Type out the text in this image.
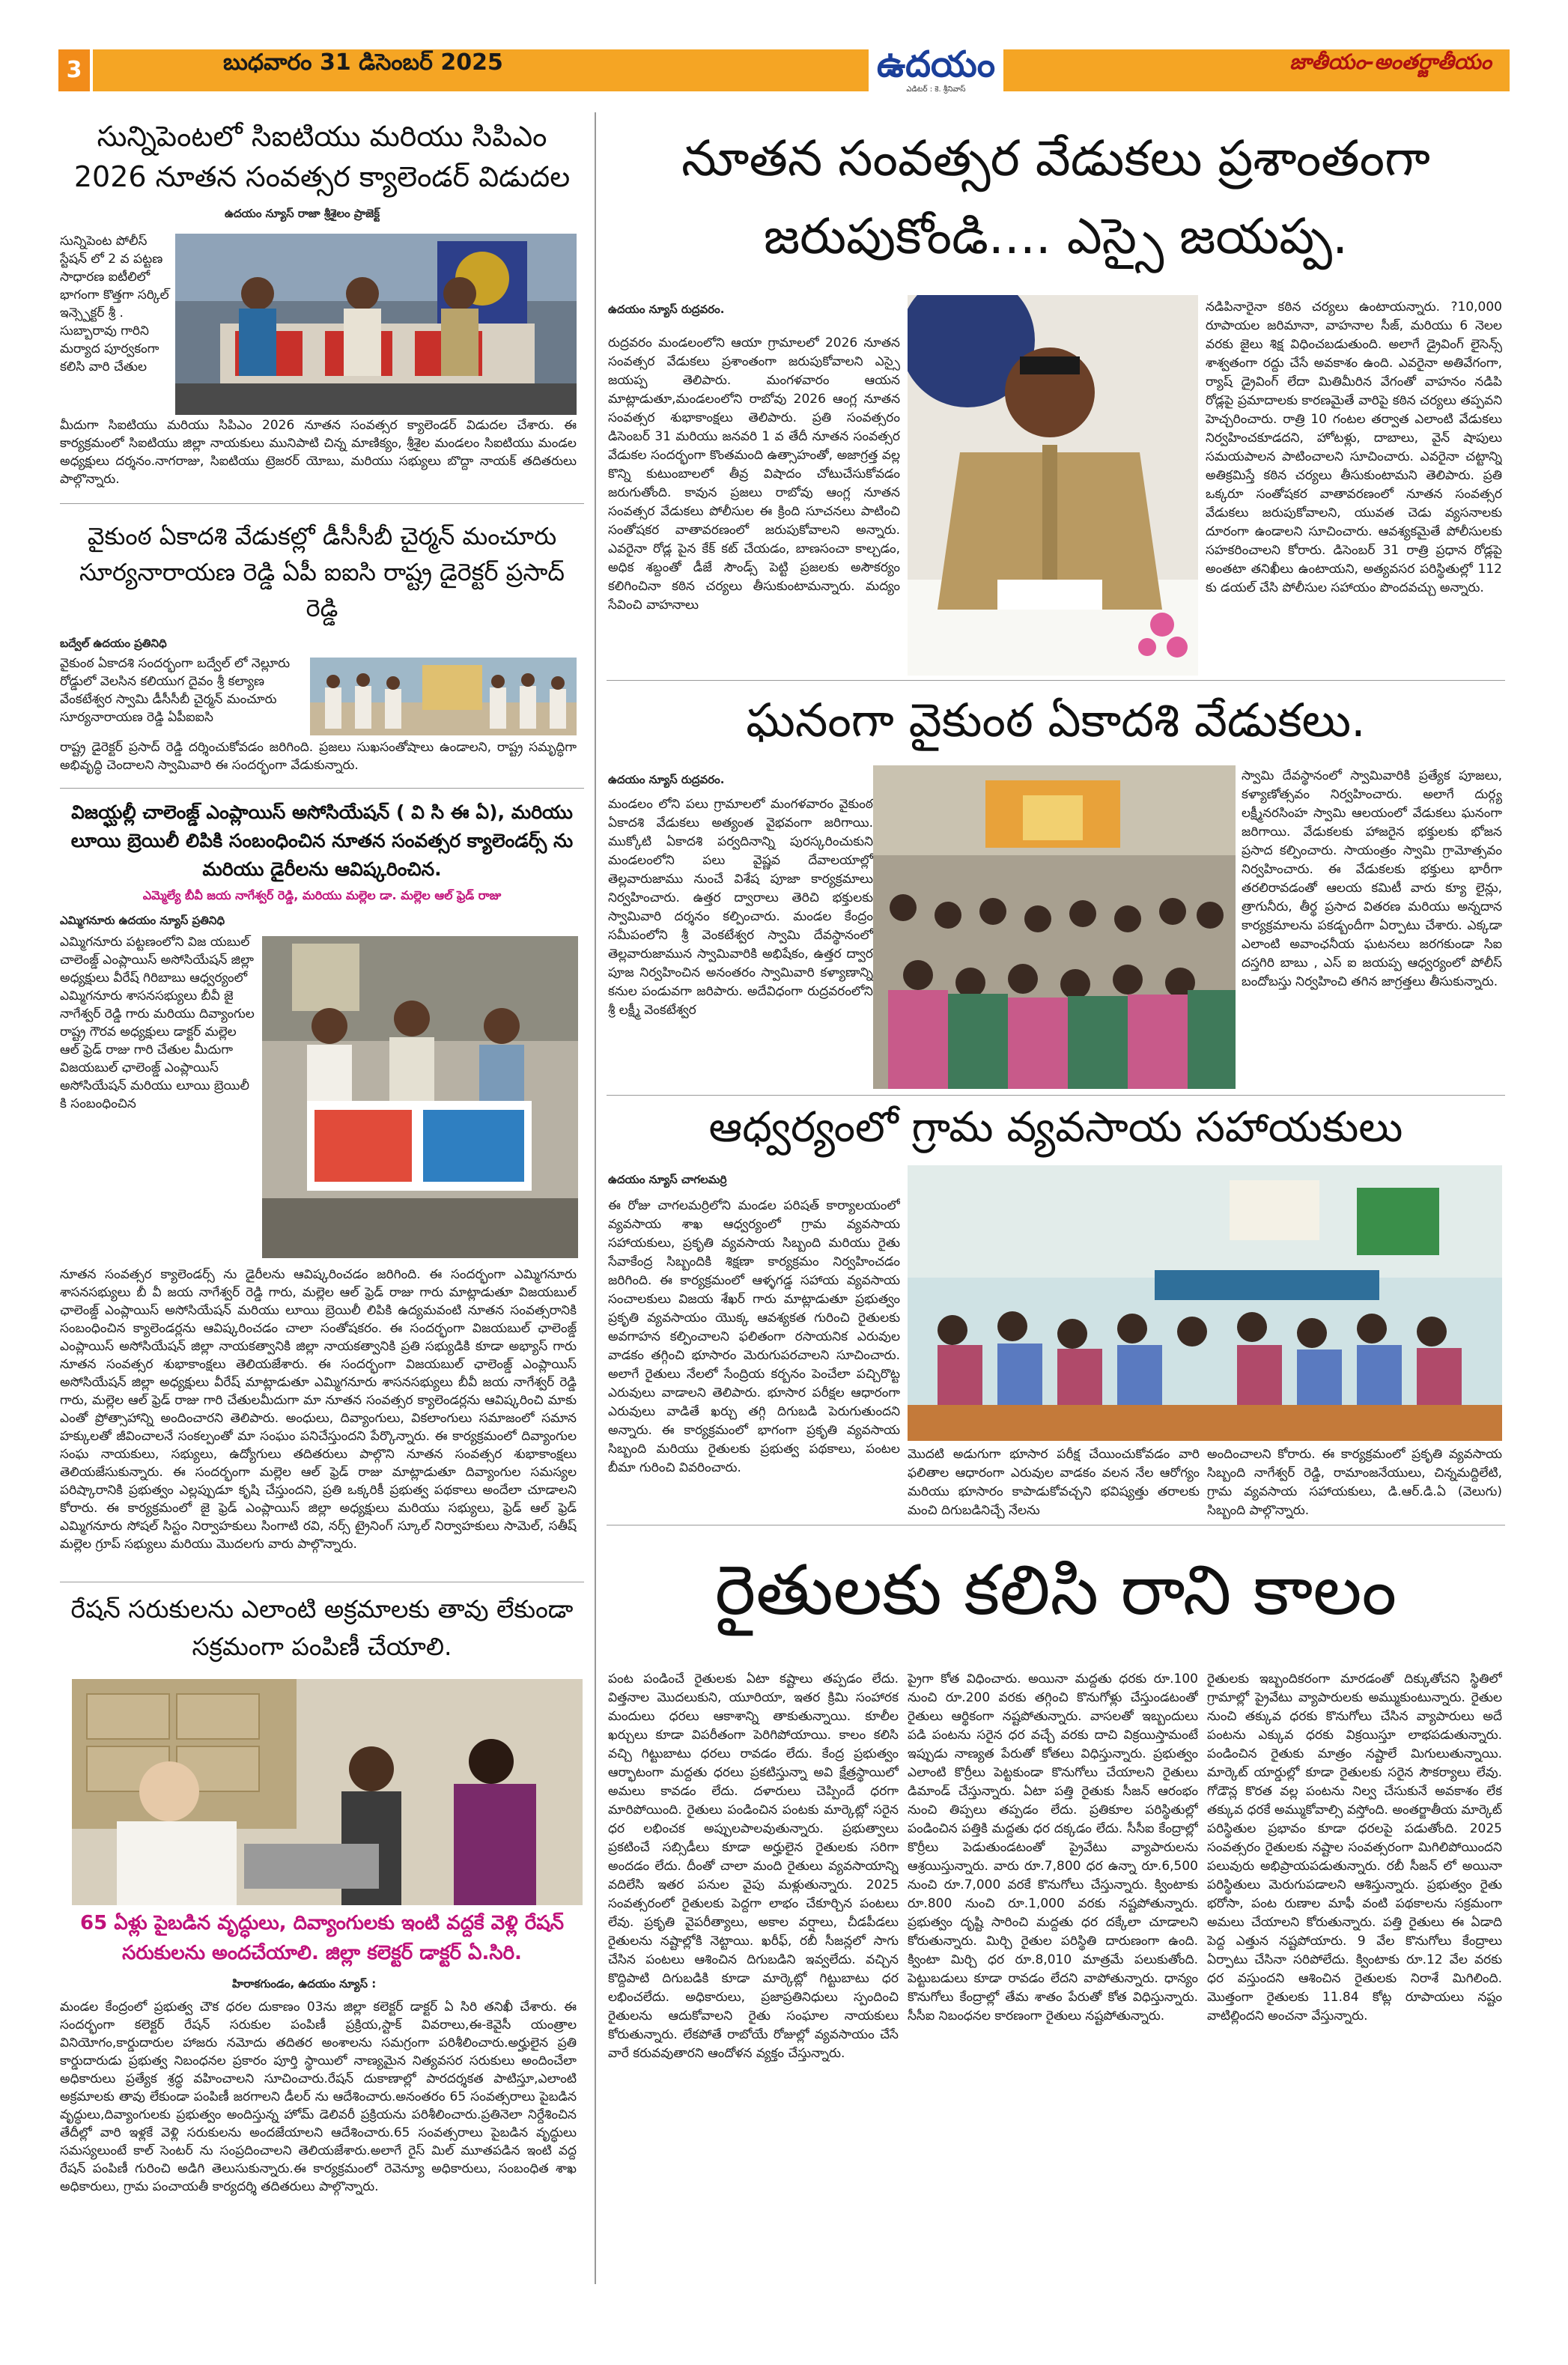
3	బుధవారం 31 డిసెంబర్ 2025	ఉదయం
ఎడిటర్ : కె. శ్రీనివాస్
జాతీయం-అంతర్జాతీయం
సున్నిపెంటలో సిఐటియు మరియు సిపిఎం 2026 నూతన సంవత్సర క్యాలెండర్ విడుదల
ఉదయం న్యూస్ రాజా శ్రీశైలం ప్రాజెక్ట్
సున్నిపెంట పోలీస్ స్టేషన్ లో 2 వ పట్టణ సాధారణ ఐటీలిలో భాగంగా కొత్తగా సర్కిల్ ఇన్స్పెక్టర్ శ్రీ . సుబ్బారావు గారిని మర్యాద పూర్వకంగా కలిసి వారి చేతుల
మీదుగా సిఐటియు మరియు సిపిఎం 2026 నూతన సంవత్సర క్యాలెండర్ విడుదల చేశారు. ఈ కార్యక్రమంలో సిఐటియు జిల్లా నాయకులు మునిపాటి చిన్న మాణిక్యం, శ్రీశైల మండలం సిఐటియు మండల అధ్యక్షులు దర్శనం.నాగరాజు, సిఐటియు ట్రెజరర్ యోబు, మరియు సభ్యులు బొద్దా నాయక్ తదితరులు పాల్గొన్నారు.
వైకుంఠ ఏకాదశి వేడుకల్లో డీసీసీబీ చైర్మన్ మంచూరు సూర్యనారాయణ రెడ్డి ఏపీ ఐఐసి రాష్ట్ర డైరెక్టర్ ప్రసాద్ రెడ్డి
బద్వేల్ ఉదయం ప్రతినిధి
వైకుంఠ ఏకాదశి సందర్భంగా బద్వేల్ లో నెల్లూరు రోడ్డులో వెలసిన కలియుగ దైవం శ్రీ కల్యాణ వేంకటేశ్వర స్వామి డీసీసీబీ చైర్మన్ మంచూరు సూర్యనారాయణ రెడ్డి ఏపీఐఐసి
రాష్ట్ర డైరెక్టర్ ప్రసాద్ రెడ్డి దర్శించుకోవడం జరిగింది. ప్రజలు సుఖసంతోషాలు ఉండాలని, రాష్ట్ర సమృద్ధిగా అభివృద్ధి చెందాలని స్వామివారి ఈ సందర్భంగా వేడుకున్నారు.
విజయ్ఘల్లీ చాలెంజ్డ్ ఎంప్లాయిస్ అసోసియేషన్ ( వి సి ఈ ఏ), మరియు లూయి బ్రెయిలీ లిపికి సంబంధించిన నూతన సంవత్సర క్యాలెండర్స్ ను మరియు డైరీలను ఆవిష్కరించిన.
ఎమ్మెల్యే బీవీ జయ నాగేశ్వర్ రెడ్డి, మరియు మల్లెల డా. మల్లెల ఆల్ ఫ్రెడ్ రాజు
ఎమ్మిగనూరు ఉదయం న్యూస్ ప్రతినిధి
ఎమ్మిగనూరు పట్టణంలోని విజ యబుల్ చాలెంజ్డ్ ఎంప్లాయిస్ అసోసియేషన్ జిల్లా అధ్యక్షులు వీరేష్ గిరిబాబు ఆధ్వర్యంలో ఎమ్మిగనూరు శాసనసభ్యులు బీవీ జై నాగేశ్వర్ రెడ్డి గారు మరియు దివ్యాంగుల రాష్ట్ర గౌరవ అధ్యక్షులు డాక్టర్ మల్లెల ఆల్ ఫ్రెడ్ రాజు గారి చేతుల మీదుగా విజయబుల్ ఛాలెంజ్డ్ ఎంప్లాయిస్ అసోసియేషన్ మరియు లూయి బ్రెయిలీ కి సంబంధించిన
నూతన సంవత్సర క్యాలెండర్స్ ను డైరీలను ఆవిష్కరించడం జరిగింది. ఈ సందర్భంగా ఎమ్మిగనూరు శాసనసభ్యులు బీ వీ జయ నాగేశ్వర్ రెడ్డి గారు, మల్లెల ఆల్ ఫ్రెడ్ రాజు గారు మాట్లాడుతూ విజయబుల్ ఛాలెంజ్డ్ ఎంప్లాయిస్ అసోసియేషన్ మరియు లూయి బ్రెయిలీ లిపికి ఉద్యమవంటి నూతన సంవత్సరానికి సంబంధించిన క్యాలెండర్లను ఆవిష్కరించడం చాలా సంతోషకరం. ఈ సందర్భంగా విజయబుల్ ఛాలెంజ్డ్ ఎంప్లాయిస్ అసోసియేషన్ జిల్లా నాయకత్వానికి జిల్లా నాయకత్వానికి ప్రతి సభ్యుడికి కూడా అభ్యాస్ గారు నూతన సంవత్సర శుభాకాంక్షలు తెలియజేశారు. ఈ సందర్భంగా విజయబుల్ ఛాలెంజ్డ్ ఎంప్లాయిస్ అసోసియేషన్ జిల్లా అధ్యక్షులు వీరేష్ మాట్లాడుతూ ఎమ్మిగనూరు శాసనసభ్యులు బీవీ జయ నాగేశ్వర్ రెడ్డి గారు, మల్లెల ఆల్ ఫ్రెడ్ రాజు గారి చేతులమీదుగా మా నూతన సంవత్సర క్యాలెండర్లను ఆవిష్కరించి మాకు ఎంతో ప్రోత్సాహాన్ని అందించారని తెలిపారు. అంధులు, దివ్యాంగులు, వికలాంగులు సమాజంలో సమాన హక్కులతో జీవించాలనే సంకల్పంతో మా సంఘం పనిచేస్తుందని పేర్కొన్నారు. ఈ కార్యక్రమంలో దివ్యాంగుల సంఘ నాయకులు, సభ్యులు, ఉద్యోగులు తదితరులు పాల్గొని నూతన సంవత్సర శుభాకాంక్షలు తెలియజేసుకున్నారు. ఈ సందర్భంగా మల్లెల ఆల్ ఫ్రెడ్ రాజు మాట్లాడుతూ దివ్యాంగుల సమస్యల పరిష్కారానికి ప్రభుత్వం ఎల్లప్పుడూ కృషి చేస్తుందని, ప్రతి ఒక్కరికీ ప్రభుత్వ పథకాలు అందేలా చూడాలని కోరారు. ఈ కార్యక్రమంలో జై ఫ్రెడ్ ఎంప్లాయిస్ జిల్లా అధ్యక్షులు మరియు సభ్యులు, ఫ్రెడ్ ఆల్ ఫ్రెడ్ ఎమ్మిగనూరు సోషల్ సిస్టం నిర్వాహకులు సింగాటి రవి, నర్స్ ట్రైనింగ్ స్కూల్ నిర్వాహకులు సామెల్, సతీష్ మల్లెల గ్రూప్ సభ్యులు మరియు మొదలగు వారు పాల్గొన్నారు.
రేషన్ సరుకులను ఎలాంటి అక్రమాలకు తావు లేకుండా సక్రమంగా పంపిణీ చేయాలి.
65 ఏళ్లు పైబడిన వృద్ధులు, దివ్యాంగులకు ఇంటి వద్దకే వెళ్లి రేషన్ సరుకులను అందచేయాలి. జిల్లా కలెక్టర్ డాక్టర్ ఏ.సిరి.
హిరాకగుండం, ఉదయం న్యూస్ :
మండల కేంద్రంలో ప్రభుత్వ చౌక ధరల దుకాణం 03ను జిల్లా కలెక్టర్ డాక్టర్ ఏ సిరి తనిఖీ చేశారు. ఈ సందర్భంగా కలెక్టర్ రేషన్ సరుకుల పంపిణీ ప్రక్రియ,స్టాక్ వివరాలు,ఈ-కెవైసీ యంత్రాల వినియోగం,కార్డుదారుల హాజరు నమోదు తదితర అంశాలను సమగ్రంగా పరిశీలించారు.అర్హులైన ప్రతి కార్డుదారుడు ప్రభుత్వ నిబంధనల ప్రకారం పూర్తి స్థాయిలో నాణ్యమైన నిత్యవసర సరుకులు అందించేలా అధికారులు ప్రత్యేక శ్రద్ధ వహించాలని సూచించారు.రేషన్ దుకాణాల్లో పారదర్శకత పాటిస్తూ,ఎలాంటి అక్రమాలకు తావు లేకుండా పంపిణీ జరగాలని డీలర్ ను ఆదేశించారు.అనంతరం 65 సంవత్సరాలు పైబడిన వృద్ధులు,దివ్యాంగులకు ప్రభుత్వం అందిస్తున్న హోమ్ డెలివరీ ప్రక్రియను పరిశీలించారు.ప్రతినెలా నిర్దేశించిన తేదీల్లో వారి ఇళ్లకే వెళ్లి సరుకులను అందజేయాలని ఆదేశించారు.65 సంవత్సరాలు పైబడిన వృద్ధులు సమస్యలుంటే కాల్ సెంటర్ ను సంప్రదించాలని తెలియజేశారు.అలాగే రైస్ మిల్ మూతపడిన ఇంటి వద్ద రేషన్ పంపిణీ గురించి అడిగి తెలుసుకున్నారు.ఈ కార్యక్రమంలో రెవెన్యూ అధికారులు, సంబంధిత శాఖ అధికారులు, గ్రామ పంచాయతీ కార్యదర్శి తదితరులు పాల్గొన్నారు.
నూతన సంవత్సర వేడుకలు ప్రశాంతంగా జరుపుకోండి.... ఎస్సై జయప్ప.
ఉదయం న్యూస్ రుద్రవరం.
రుద్రవరం మండలంలోని ఆయా గ్రామాలలో 2026 నూతన సంవత్సర వేడుకలు ప్రశాంతంగా జరుపుకోవాలని ఎస్సై జయప్ప తెలిపారు. మంగళవారం ఆయన మాట్లాడుతూ,మండలంలోని రాబోవు 2026 ఆంగ్ల నూతన సంవత్సర శుభాకాంక్షలు తెలిపారు. ప్రతి సంవత్సరం డిసెంబర్ 31 మరియు జనవరి 1 వ తేదీ నూతన సంవత్సర వేడుకల సందర్భంగా కొంతమంది ఉత్సాహంతో, అజాగ్రత్త వల్ల కొన్ని కుటుంబాలలో తీవ్ర విషాదం చోటుచేసుకోవడం జరుగుతోంది. కావున ప్రజలు రాబోవు ఆంగ్ల నూతన సంవత్సర వేడుకలు పోలీసుల ఈ క్రింది సూచనలు పాటించి సంతోషకర వాతావరణంలో జరుపుకోవాలని అన్నారు. ఎవరైనా రోడ్ల పైన కేక్ కట్ చేయడం, బాణసంచా కాల్చడం, అధిక శబ్దంతో డీజే సౌండ్స్ పెట్టి ప్రజలకు అసౌకర్యం కలిగించినా కఠిన చర్యలు తీసుకుంటామన్నారు. మద్యం సేవించి వాహనాలు
నడిపినారైనా కఠిన చర్యలు ఉంటాయన్నారు. ?10,000 రూపాయల జరిమానా, వాహనాల సీజ్, మరియు 6 నెలల వరకు జైలు శిక్ష విధించబడుతుంది. అలాగే డ్రైవింగ్ లైసెన్స్ శాశ్వతంగా రద్దు చేసే అవకాశం ఉంది. ఎవరైనా అతివేగంగా, ర్యాష్ డ్రైవింగ్ లేదా మితిమీరిన వేగంతో వాహనం నడిపి రోడ్లపై ప్రమాదాలకు కారణమైతే వారిపై కఠిన చర్యలు తప్పవని హెచ్చరించారు. రాత్రి 10 గంటల తర్వాత ఎలాంటి వేడుకలు నిర్వహించకూడదని, హోటళ్లు, దాబాలు, వైన్ షాపులు సమయపాలన పాటించాలని సూచించారు. ఎవరైనా చట్టాన్ని అతిక్రమిస్తే కఠిన చర్యలు తీసుకుంటామని తెలిపారు. ప్రతి ఒక్కరూ సంతోషకర వాతావరణంలో నూతన సంవత్సర వేడుకలు జరుపుకోవాలని, యువత చెడు వ్యసనాలకు దూరంగా ఉండాలని సూచించారు. ఆవశ్యకమైతే పోలీసులకు సహకరించాలని కోరారు. డిసెంబర్ 31 రాత్రి ప్రధాన రోడ్లపై అంతటా తనిఖీలు ఉంటాయని, అత్యవసర పరిస్థితుల్లో 112 కు డయల్ చేసి పోలీసుల సహాయం పొందవచ్చు అన్నారు.
ఘనంగా వైకుంఠ ఏకాదశి వేడుకలు.
ఉదయం న్యూస్ రుద్రవరం.
మండలం లోని పలు గ్రామాలలో మంగళవారం వైకుంఠ ఏకాదశి వేడుకలు అత్యంత వైభవంగా జరిగాయి. ముక్కోటి ఏకాదశి పర్వదినాన్ని పురస్కరించుకుని మండలంలోని పలు వైష్ణవ దేవాలయాల్లో తెల్లవారుజాము నుంచే విశేష పూజా కార్యక్రమాలు నిర్వహించారు. ఉత్తర ద్వారాలు తెరిచి భక్తులకు స్వామివారి దర్శనం కల్పించారు. మండల కేంద్రం సమీపంలోని శ్రీ వెంకటేశ్వర స్వామి దేవస్థానంలో తెల్లవారుజామున స్వామివారికి అభిషేకం, ఉత్తర ద్వార పూజ నిర్వహించిన అనంతరం స్వామివారి కళ్యాణాన్ని కనుల పండువగా జరిపారు. అదేవిధంగా రుద్రవరంలోని శ్రీ లక్ష్మీ వెంకటేశ్వర
స్వామి దేవస్థానంలో స్వామివారికి ప్రత్యేక పూజలు, కళ్యాణోత్సవం నిర్వహించారు. అలాగే దుర్గ్య లక్ష్మీనరసింహ స్వామి ఆలయంలో వేడుకలు ఘనంగా జరిగాయి. వేడుకలకు హాజరైన భక్తులకు భోజన ప్రసాద కల్పించారు. సాయంత్రం స్వామి గ్రామోత్సవం నిర్వహించారు. ఈ వేడుకలకు భక్తులు భారీగా తరలిరావడంతో ఆలయ కమిటీ వారు క్యూ లైన్లు, త్రాగునీరు, తీర్థ ప్రసాద వితరణ మరియు అన్నదాన కార్యక్రమాలను పకడ్బందీగా ఏర్పాటు చేశారు. ఎక్కడా ఎలాంటి అవాంఛనీయ ఘటనలు జరగకుండా సిఐ దస్తగిరి బాబు , ఎస్ ఐ జయప్ప ఆధ్వర్యంలో పోలీస్ బందోబస్తు నిర్వహించి తగిన జాగ్రత్తలు తీసుకున్నారు.
ఆధ్వర్యంలో గ్రామ వ్యవసాయ సహాయకులు
ఉదయం న్యూస్ చాగలమర్రి
ఈ రోజు చాగలమర్రిలోని మండల పరిషత్ కార్యాలయంలో వ్యవసాయ శాఖ ఆధ్వర్యంలో గ్రామ వ్యవసాయ సహాయకులు, ప్రకృతి వ్యవసాయ సిబ్బంది మరియు రైతు సేవాకేంద్ర సిబ్బందికి శిక్షణా కార్యక్రమం నిర్వహించడం జరిగింది. ఈ కార్యక్రమంలో ఆళ్ళగడ్డ సహాయ వ్యవసాయ సంచాలకులు విజయ శేఖర్ గారు మాట్లాడుతూ ప్రభుత్వం ప్రకృతి వ్యవసాయం యొక్క ఆవశ్యకత గురించి రైతులకు అవగాహన కల్పించాలని ఫలితంగా రసాయనిక ఎరువుల వాడకం తగ్గించి భూసారం మెరుగుపరచాలని సూచించారు. అలాగే రైతులు నేలలో సేంద్రియ కర్బనం పెంచేలా పచ్చిరొట్ట ఎరువులు వాడాలని తెలిపారు. భూసార పరీక్షల ఆధారంగా ఎరువులు వాడితే ఖర్చు తగ్గి దిగుబడి పెరుగుతుందని అన్నారు. ఈ కార్యక్రమంలో భాగంగా ప్రకృతి వ్యవసాయ సిబ్బంది మరియు రైతులకు ప్రభుత్వ పథకాలు, పంటల బీమా గురించి వివరించారు.
మొదటి అడుగుగా భూసార పరీక్ష చేయించుకోవడం వారి ఫలితాల ఆధారంగా ఎరువుల వాడకం వలన నేల ఆరోగ్యం మరియు భూసారం కాపాడుకోవచ్చని భవిష్యత్తు తరాలకు మంచి దిగుబడినిచ్చే నేలను
అందించాలని కోరారు. ఈ కార్యక్రమంలో ప్రకృతి వ్యవసాయ సిబ్బంది నాగేశ్వర్ రెడ్డి, రామాంజనేయులు, చిన్నమద్దిలేటి, గ్రామ వ్యవసాయ సహాయకులు, డి.ఆర్.డి.ఏ (వెలుగు) సిబ్బంది పాల్గొన్నారు.
రైతులకు కలిసి రాని కాలం
పంట పండించే రైతులకు ఏటా కష్టాలు తప్పడం లేదు. విత్తనాల మొదలుకుని, యూరియా, ఇతర క్రిమి సంహారక మందులు ధరలు ఆకాశాన్ని తాకుతున్నాయి. కూలీల ఖర్చులు కూడా విపరీతంగా పెరిగిపోయాయి. కాలం కలిసి వచ్చి గిట్టుబాటు ధరలు రావడం లేదు. కేంద్ర ప్రభుత్వం ఆర్భాటంగా మద్దతు ధరలు ప్రకటిస్తున్నా అవి క్షేత్రస్థాయిలో అమలు కావడం లేదు. దళారులు చెప్పిందే ధరగా మారిపోయింది. రైతులు పండించిన పంటకు మార్కెట్లో సరైన ధర లభించక అప్పులపాలవుతున్నారు. ప్రభుత్వాలు ప్రకటించే సబ్సిడీలు కూడా అర్హులైన రైతులకు సరిగా అందడం లేదు. దీంతో చాలా మంది రైతులు వ్యవసాయాన్ని వదిలేసి ఇతర పనుల వైపు మళ్లుతున్నారు. 2025 సంవత్సరంలో రైతులకు పెద్దగా లాభం చేకూర్చిన పంటలు లేవు. ప్రకృతి వైపరీత్యాలు, అకాల వర్షాలు, చీడపీడలు రైతులను నష్టాల్లోకి నెట్టాయి. ఖరీఫ్, రబీ సీజన్లలో సాగు చేసిన పంటలు ఆశించిన దిగుబడిని ఇవ్వలేదు. వచ్చిన కొద్దిపాటి దిగుబడికి కూడా మార్కెట్లో గిట్టుబాటు ధర లభించలేదు. అధికారులు, ప్రజాప్రతినిధులు స్పందించి రైతులను ఆదుకోవాలని రైతు సంఘాల నాయకులు కోరుతున్నారు. లేకపోతే రాబోయే రోజుల్లో వ్యవసాయం చేసే వారే కరువవుతారని ఆందోళన వ్యక్తం చేస్తున్నారు.
ప్రైగా కోత విధించారు. అయినా మద్దతు ధరకు రూ.100 నుంచి రూ.200 వరకు తగ్గించి కొనుగోళ్లు చేస్తుండటంతో రైతులు ఆర్థికంగా నష్టపోతున్నారు. వాసలతో ఇబ్బందులు పడి పంటను సరైన ధర వచ్చే వరకు దాచి విక్రయిస్తామంటే ఇప్పుడు నాణ్యత పేరుతో కోతలు విధిస్తున్నారు. ప్రభుత్వం ఎలాంటి కొర్రీలు పెట్టకుండా కొనుగోలు చేయాలని రైతులు డిమాండ్ చేస్తున్నారు. ఏటా పత్తి రైతుకు సీజన్ ఆరంభం నుంచి తిప్పలు తప్పడం లేదు. ప్రతికూల పరిస్థితుల్లో పండించిన పత్తికి మద్దతు ధర దక్కడం లేదు. సీసీఐ కేంద్రాల్లో కొర్రీలు పెడుతుండటంతో ప్రైవేటు వ్యాపారులను ఆశ్రయిస్తున్నారు. వారు రూ.7,800 ధర ఉన్నా రూ.6,500 నుంచి రూ.7,000 వరకే కొనుగోలు చేస్తున్నారు. క్వింటాకు రూ.800 నుంచి రూ.1,000 వరకు నష్టపోతున్నారు. ప్రభుత్వం దృష్టి సారించి మద్దతు ధర దక్కేలా చూడాలని కోరుతున్నారు. మిర్చి రైతుల పరిస్థితి దారుణంగా ఉంది. క్వింటా మిర్చి ధర రూ.8,010 మాత్రమే పలుకుతోంది. పెట్టుబడులు కూడా రావడం లేదని వాపోతున్నారు. ధాన్యం కొనుగోలు కేంద్రాల్లో తేమ శాతం పేరుతో కోత విధిస్తున్నారు. సీసీఐ నిబంధనల కారణంగా రైతులు నష్టపోతున్నారు.
రైతులకు ఇబ్బందికరంగా మారడంతో దిక్కుతోచని స్థితిలో గ్రామాల్లో ప్రైవేటు వ్యాపారులకు అమ్ముకుంటున్నారు. రైతుల నుంచి తక్కువ ధరకు కొనుగోలు చేసిన వ్యాపారులు అదే పంటను ఎక్కువ ధరకు విక్రయిస్తూ లాభపడుతున్నారు. పండించిన రైతుకు మాత్రం నష్టాలే మిగులుతున్నాయి. మార్కెట్ యార్డుల్లో కూడా రైతులకు సరైన సౌకర్యాలు లేవు. గోడౌన్ల కొరత వల్ల పంటను నిల్వ చేసుకునే అవకాశం లేక తక్కువ ధరకే అమ్ముకోవాల్సి వస్తోంది. అంతర్జాతీయ మార్కెట్ పరిస్థితుల ప్రభావం కూడా ధరలపై పడుతోంది. 2025 సంవత్సరం రైతులకు నష్టాల సంవత్సరంగా మిగిలిపోయిందని పలువురు అభిప్రాయపడుతున్నారు. రబీ సీజన్ లో అయినా పరిస్థితులు మెరుగుపడాలని ఆశిస్తున్నారు. ప్రభుత్వం రైతు భరోసా, పంట రుణాల మాఫీ వంటి పథకాలను సక్రమంగా అమలు చేయాలని కోరుతున్నారు. పత్తి రైతులు ఈ ఏడాది పెద్ద ఎత్తున నష్టపోయారు. 9 వేల కొనుగోలు కేంద్రాలు ఏర్పాటు చేసినా సరిపోలేదు. క్వింటాకు రూ.12 వేల వరకు ధర వస్తుందని ఆశించిన రైతులకు నిరాశే మిగిలింది. మొత్తంగా రైతులకు 11.84 కోట్ల రూపాయలు నష్టం వాటిల్లిందని అంచనా వేస్తున్నారు.
